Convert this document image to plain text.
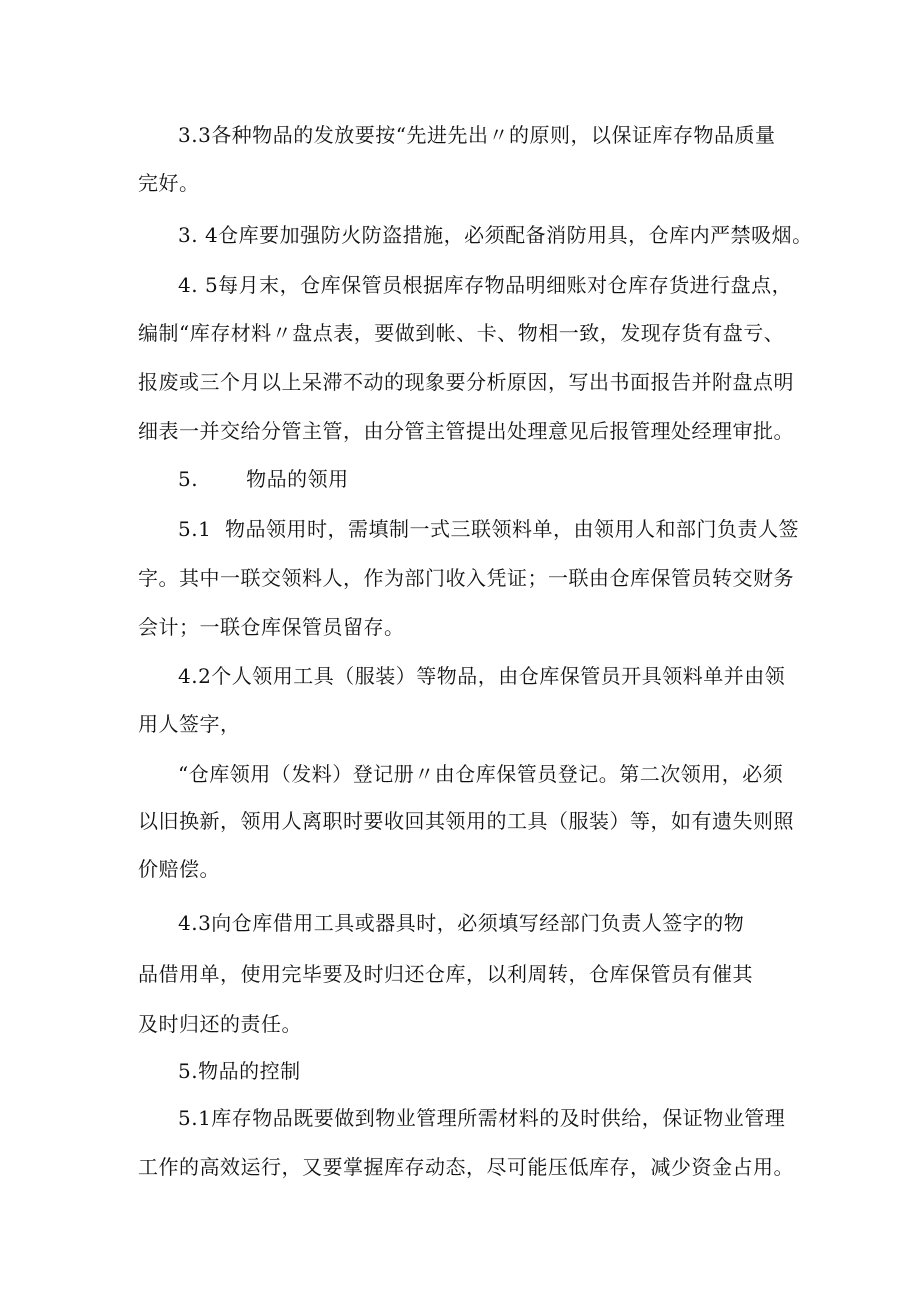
3.3各种物品的发放要按“先进先出〃的原则，以保证库存物品质量
完好。
3. 4仓库要加强防火防盗措施，必须配备消防用具，仓库内严禁吸烟。
4. 5每月末，仓库保管员根据库存物品明细账对仓库存货进行盘点，
编制“库存材料〃盘点表，要做到帐、卡、物相一致，发现存货有盘亏、
报废或三个月以上呆滞不动的现象要分析原因，写出书面报告并附盘点明
细表一并交给分管主管，由分管主管提出处理意见后报管理处经理审批。
5.       物品的领用
5.1  物品领用时，需填制一式三联领料单，由领用人和部门负责人签
字。其中一联交领料人，作为部门收入凭证；一联由仓库保管员转交财务
会计；一联仓库保管员留存。
4.2个人领用工具（服装）等物品，由仓库保管员开具领料单并由领
用人签字，
“仓库领用（发料）登记册〃由仓库保管员登记。第二次领用，必须
以旧换新，领用人离职时要收回其领用的工具（服装）等，如有遗失则照
价赔偿。
4.3向仓库借用工具或器具时，必须填写经部门负责人签字的物
品借用单，使用完毕要及时归还仓库，以利周转，仓库保管员有催其
及时归还的责任。
5.物品的控制
5.1库存物品既要做到物业管理所需材料的及时供给，保证物业管理
工作的高效运行，又要掌握库存动态，尽可能压低库存，减少资金占用。
